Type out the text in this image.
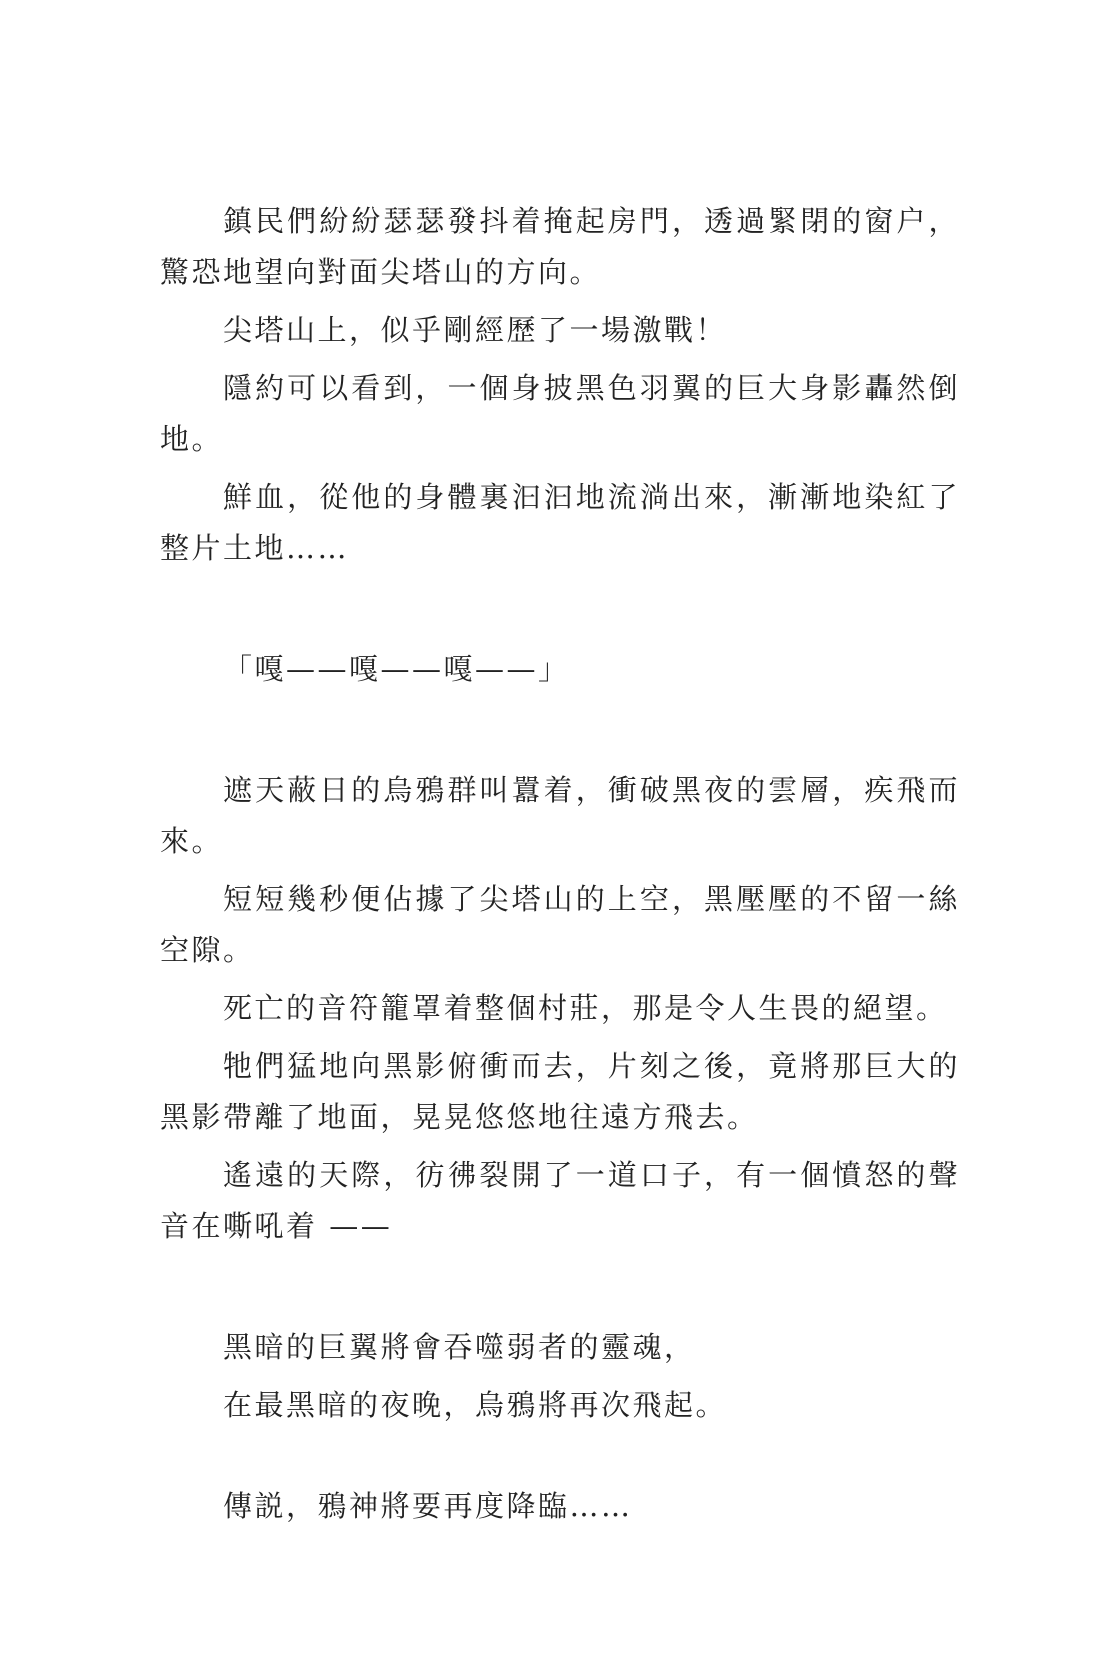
鎮民們紛紛瑟瑟發抖着掩起房門，透過緊閉的窗户，驚恐地望向對面尖塔山的方向。

尖塔山上，似乎剛經歷了一場激戰！

隱約可以看到，一個身披黑色羽翼的巨大身影轟然倒地。

鮮血，從他的身體裏汩汩地流淌出來，漸漸地染紅了整片土地……

「嘎——嘎——嘎——」

遮天蔽日的烏鴉群叫囂着，衝破黑夜的雲層，疾飛而來。

短短幾秒便佔據了尖塔山的上空，黑壓壓的不留一絲空隙。

死亡的音符籠罩着整個村莊，那是令人生畏的絕望。

牠們猛地向黑影俯衝而去，片刻之後，竟將那巨大的黑影帶離了地面，晃晃悠悠地往遠方飛去。

遙遠的天際，彷彿裂開了一道口子，有一個憤怒的聲音在嘶吼着 ——

黑暗的巨翼將會吞噬弱者的靈魂，

在最黑暗的夜晚，烏鴉將再次飛起。

傳説，鴉神將要再度降臨……
